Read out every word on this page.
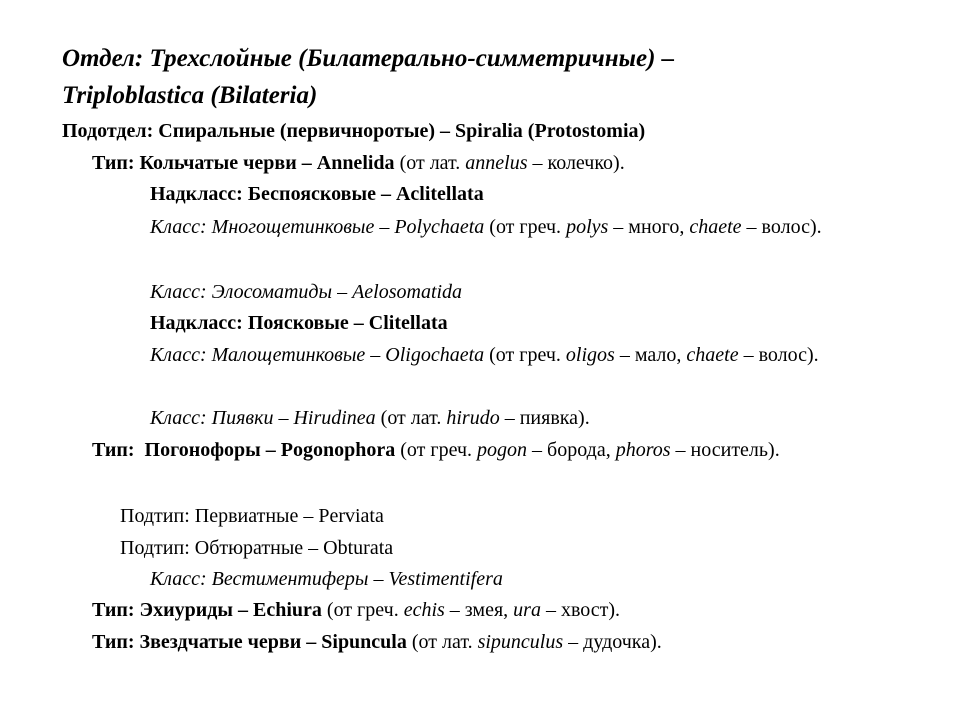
Отдел: Трехслойные (Билатерально-симметричные) –
Triploblastica (Bilateria)
Подотдел: Спиральные (первичноротые) – Spiralia (Protostomia)
Тип: Кольчатые черви – Annelida (от лат. annelus – колечко).
Надкласс: Беспоясковые – Aclitellata
Класс: Многощетинковые – Polychaeta (от греч. polys – много, chaete – волос).
Класс: Элосоматиды – Aelosomatida
Надкласс: Поясковые – Clitellata
Класс: Малощетинковые – Oligochaeta (от греч. oligos – мало, chaete – волос).
Класс: Пиявки – Hirudinea (от лат. hirudo – пиявка).
Тип:  Погонофоры – Pogonophora (от греч. pogon – борода, phoros – носитель).
Подтип: Первиатные – Perviata
Подтип: Обтюратные – Obturata
Класс: Вестиментиферы – Vestimentifera
Тип: Эхиуриды – Echiura (от греч. echis – змея, ura – хвост).
Тип: Звездчатые черви – Sipuncula (от лат. sipunculus – дудочка).
